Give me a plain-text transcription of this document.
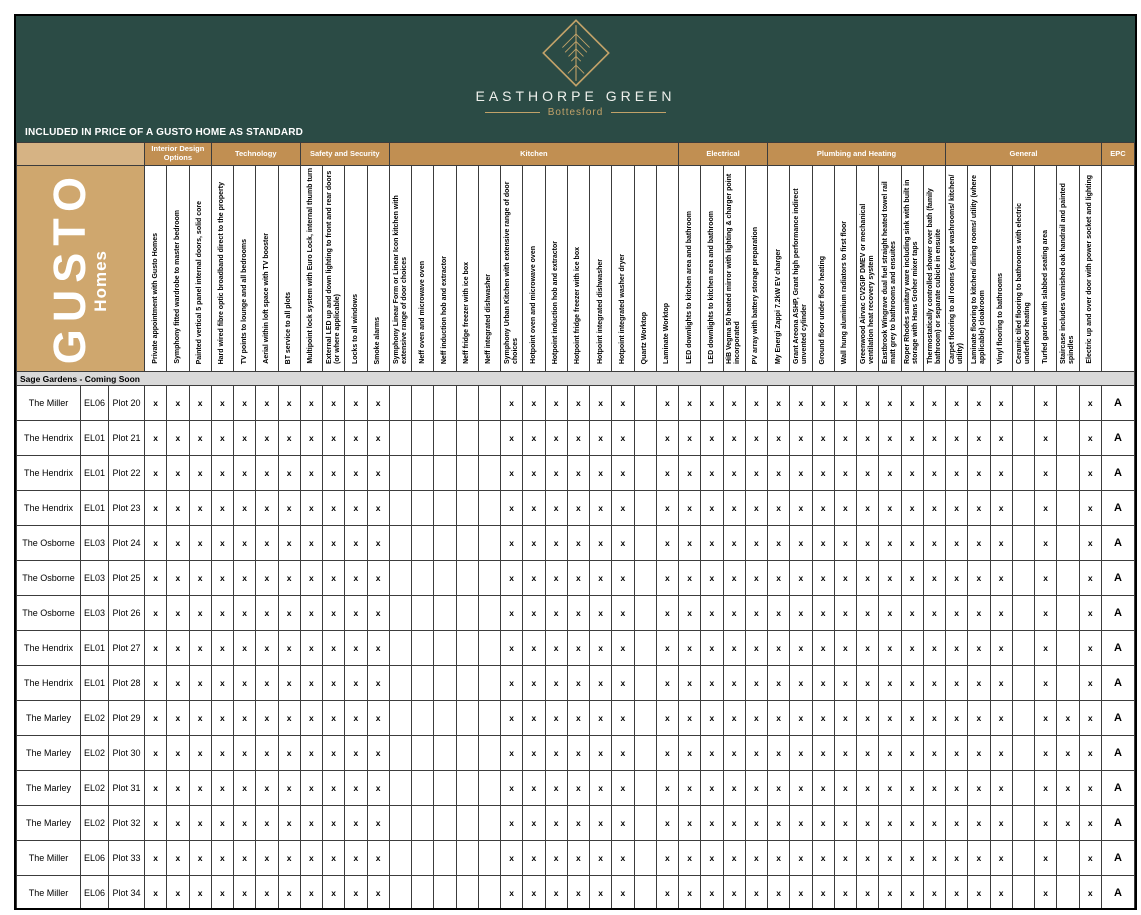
EASTHORPE GREEN
Bottesford
INCLUDED IN PRICE OF A GUSTO HOME AS STANDARD
			Interior Design Options			Technology				Safety and Security				Kitchen													Electrical				Plumbing and Heating								General							EPC

GUSTO
Homes			Private appointment with Gusto Homes	Symphony fitted wardrobe to master bedroom	Painted vertical 5 panel internal doors, solid core	Hard wired fibre optic broadband direct to the property	TV points to lounge and all bedrooms	Aerial within loft space with TV booster	BT service to all plots	Multipoint lock system with Euro Lock, internal thumb turn	External LED up and down lighting to front and rear doors (or where applicable)	Locks to all windows	Smoke alarms	Symphony Linear Form or Linear Icon kitchen with extensive range of door choices	Neff oven and microwave oven	Neff induction hob and extractor	Neff fridge freezer with ice box	Neff integrated dishwasher	Symphony Urban Kitchen with extensive range of door choices	Hotpoint oven and microwave oven	Hotpoint induction hob and extractor	Hotpoint fridge freezer with ice box	Hotpoint integrated dishwasher	Hotpoint integrated washer dryer	Quartz Worktop	Laminate Worktop	LED downlights to kitchen area and bathroom	LED downlights to kitchen area and bathroom	HiB Vegma 50 heated mirror with lighting & charger point incorporated	PV array with battery storage preparation	My Energi Zappi 7.2kW EV charger	Grant Areona ASHP, Grant high performance indirect unvented cylinder	Ground floor under floor heating	Wall hung aluminium radiators to first floor	Greenwood Airvac CV2GIP DMEV or mechanical ventilation heat recovery system	Eastbrook Wingrave dual fuel straight heated towel rail matt grey to bathrooms and ensuites	Roper Rhodes sanitary ware including sink with built in storage with Hans Groher mixer taps	Thermostatically controlled shower over bath (family bathroom) or separate cubicle in ensuite	Carpet flooring to all rooms (except washrooms/ kitchen/ utility)	Laminate flooring to kitchen/ dining rooms/ utility (where applicable) cloakroom	Vinyl flooring to bathrooms	Ceramic tiled flooring to bathrooms with electric underfloor heating	Turfed garden with slabbed seating area	Staircase includes varnished oak handrail and painted spindles	Electric up and over door with power socket and lighting	
Sage Gardens - Coming Soon																																														
The Miller	EL06	Plot 20	x	x	x	x	x	x	x	x	x	x	x						x	x	x	x	x	x		x	x	x	x	x	x	x	x	x	x	x	x	x	x	x	x		x		x	A
The Hendrix	EL01	Plot 21	x	x	x	x	x	x	x	x	x	x	x						x	x	x	x	x	x		x	x	x	x	x	x	x	x	x	x	x	x	x	x	x	x		x		x	A
The Hendrix	EL01	Plot 22	x	x	x	x	x	x	x	x	x	x	x						x	x	x	x	x	x		x	x	x	x	x	x	x	x	x	x	x	x	x	x	x	x		x		x	A
The Hendrix	EL01	Plot 23	x	x	x	x	x	x	x	x	x	x	x						x	x	x	x	x	x		x	x	x	x	x	x	x	x	x	x	x	x	x	x	x	x		x		x	A
The Osborne	EL03	Plot 24	x	x	x	x	x	x	x	x	x	x	x						x	x	x	x	x	x		x	x	x	x	x	x	x	x	x	x	x	x	x	x	x	x		x		x	A
The Osborne	EL03	Plot 25	x	x	x	x	x	x	x	x	x	x	x						x	x	x	x	x	x		x	x	x	x	x	x	x	x	x	x	x	x	x	x	x	x		x		x	A
The Osborne	EL03	Plot 26	x	x	x	x	x	x	x	x	x	x	x						x	x	x	x	x	x		x	x	x	x	x	x	x	x	x	x	x	x	x	x	x	x		x		x	A
The Hendrix	EL01	Plot 27	x	x	x	x	x	x	x	x	x	x	x						x	x	x	x	x	x		x	x	x	x	x	x	x	x	x	x	x	x	x	x	x	x		x		x	A
The Hendrix	EL01	Plot 28	x	x	x	x	x	x	x	x	x	x	x						x	x	x	x	x	x		x	x	x	x	x	x	x	x	x	x	x	x	x	x	x	x		x		x	A
The Marley	EL02	Plot 29	x	x	x	x	x	x	x	x	x	x	x						x	x	x	x	x	x		x	x	x	x	x	x	x	x	x	x	x	x	x	x	x	x		x	x	x	A
The Marley	EL02	Plot 30	x	x	x	x	x	x	x	x	x	x	x						x	x	x	x	x	x		x	x	x	x	x	x	x	x	x	x	x	x	x	x	x	x		x	x	x	A
The Marley	EL02	Plot 31	x	x	x	x	x	x	x	x	x	x	x						x	x	x	x	x	x		x	x	x	x	x	x	x	x	x	x	x	x	x	x	x	x		x	x	x	A
The Marley	EL02	Plot 32	x	x	x	x	x	x	x	x	x	x	x						x	x	x	x	x	x		x	x	x	x	x	x	x	x	x	x	x	x	x	x	x	x		x	x	x	A
The Miller	EL06	Plot 33	x	x	x	x	x	x	x	x	x	x	x						x	x	x	x	x	x		x	x	x	x	x	x	x	x	x	x	x	x	x	x	x	x		x		x	A
The Miller	EL06	Plot 34	x	x	x	x	x	x	x	x	x	x	x						x	x	x	x	x	x		x	x	x	x	x	x	x	x	x	x	x	x	x	x	x	x		x		x	A
